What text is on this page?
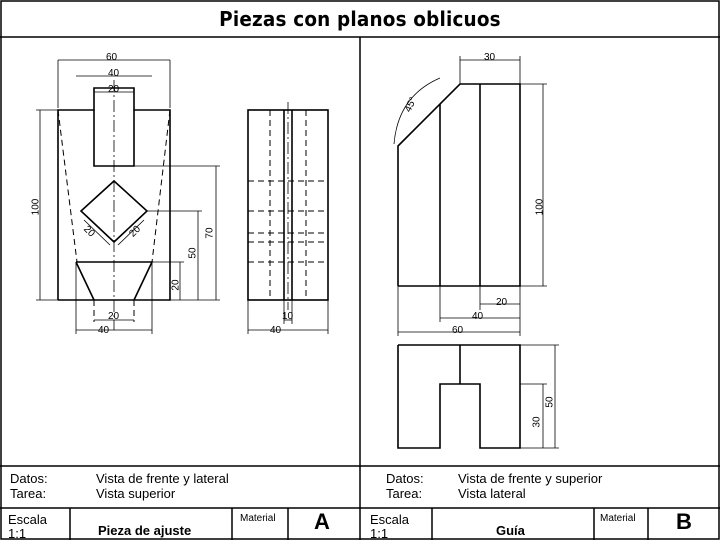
Piezas con planos oblicuos
60
40
20
100
20	20	70
50
20
20
40
10
40
30
45°
100
20
40
60
50
30
Datos:	Vista de frente y lateral
Tarea:	Vista superior
Datos:	Vista de frente y superior
Tarea:	Vista lateral
Escala
1:1	Pieza de ajuste
Material A	Escala
1:1	Guía
Material B
